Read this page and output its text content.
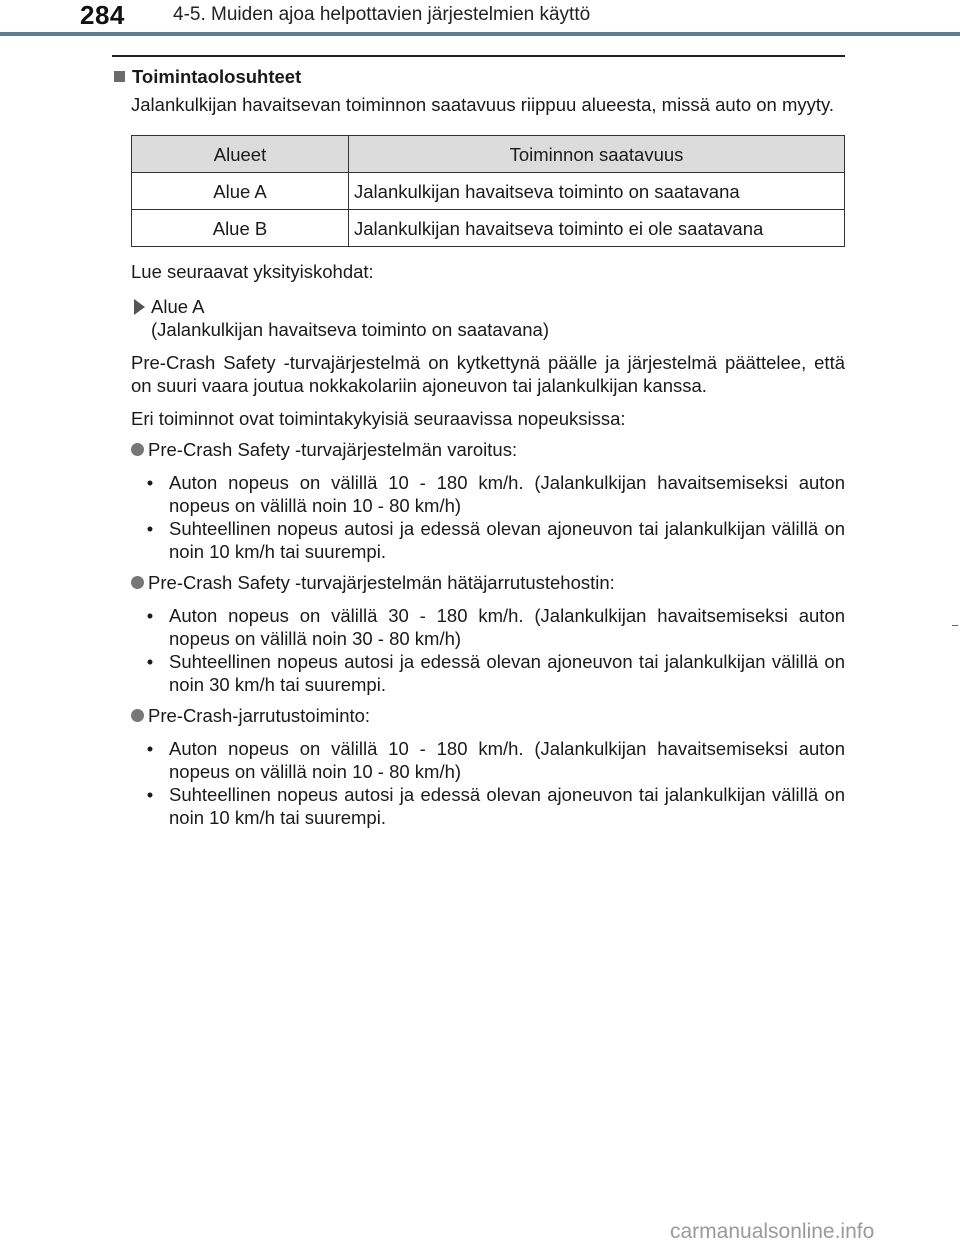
284	4-5. Muiden ajoa helpottavien järjestelmien käyttö
Toimintaolosuhteet

Jalankulkijan havaitsevan toiminnon saatavuus riippuu alueesta, missä auto on myyty.

Alueet	Toiminnon saatavuus
Alue A	Jalankulkijan havaitseva toiminto on saatavana
Alue B	Jalankulkijan havaitseva toiminto ei ole saatavana

Lue seuraavat yksityiskohdat:

Alue A
(Jalankulkijan havaitseva toiminto on saatavana)

Pre-Crash Safety -turvajärjestelmä on kytkettynä päälle ja järjestelmä päättelee, että on suuri vaara joutua nokkakolariin ajoneuvon tai jalankulkijan kanssa.

Eri toiminnot ovat toimintakykyisiä seuraavissa nopeuksissa:

Pre-Crash Safety -turvajärjestelmän varoitus:
• Auton nopeus on välillä 10 - 180 km/h. (Jalankulkijan havaitsemiseksi auton nopeus on välillä noin 10 - 80 km/h)
• Suhteellinen nopeus autosi ja edessä olevan ajoneuvon tai jalankulkijan välillä on noin 10 km/h tai suurempi.
Pre-Crash Safety -turvajärjestelmän hätäjarrutustehostin:
• Auton nopeus on välillä 30 - 180 km/h. (Jalankulkijan havaitsemiseksi auton nopeus on välillä noin 30 - 80 km/h)
• Suhteellinen nopeus autosi ja edessä olevan ajoneuvon tai jalankulkijan välillä on noin 30 km/h tai suurempi.
Pre-Crash-jarrutustoiminto:
• Auton nopeus on välillä 10 - 180 km/h. (Jalankulkijan havaitsemiseksi auton nopeus on välillä noin 10 - 80 km/h)
• Suhteellinen nopeus autosi ja edessä olevan ajoneuvon tai jalankulkijan välillä on noin 10 km/h tai suurempi.
carmanualsonline.info
